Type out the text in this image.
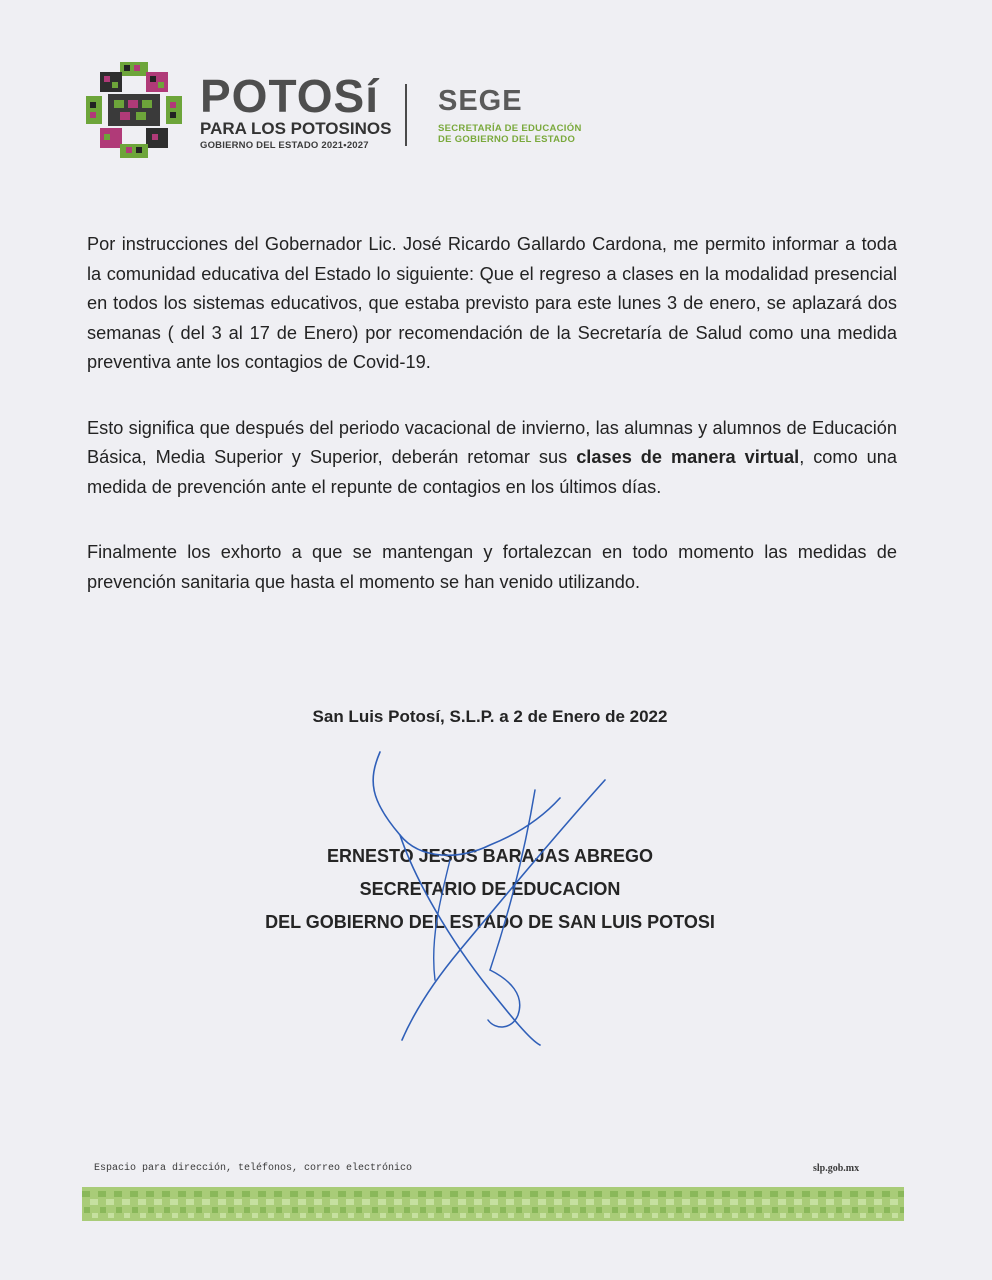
POTOSí
PARA LOS POTOSINOS
GOBIERNO DEL ESTADO 2021•2027
SEGE
SECRETARÍA DE EDUCACIÓN
DE GOBIERNO DEL ESTADO

Por instrucciones del Gobernador Lic. José Ricardo Gallardo Cardona, me permito informar a toda la comunidad educativa del Estado lo siguiente: Que el regreso a clases en la modalidad presencial en todos los sistemas educativos, que estaba previsto para este lunes 3 de enero, se aplazará dos semanas ( del 3 al 17 de Enero) por recomendación de la Secretaría de Salud como una medida preventiva ante los contagios de Covid-19.

Esto significa que después del periodo vacacional de invierno, las alumnas y alumnos de Educación Básica, Media Superior y Superior, deberán retomar sus clases de manera virtual, como una medida de prevención ante el repunte de contagios en los últimos días.

Finalmente los exhorto a que se mantengan y fortalezcan en todo momento las medidas de prevención sanitaria que hasta el momento se han venido utilizando.

San Luis Potosí, S.L.P. a 2 de Enero de 2022
ERNESTO JESUS BARAJAS ABREGO
SECRETARIO DE EDUCACION
DEL GOBIERNO DEL ESTADO DE SAN LUIS POTOSI
Espacio para dirección, teléfonos, correo electrónico	slp.gob.mx
